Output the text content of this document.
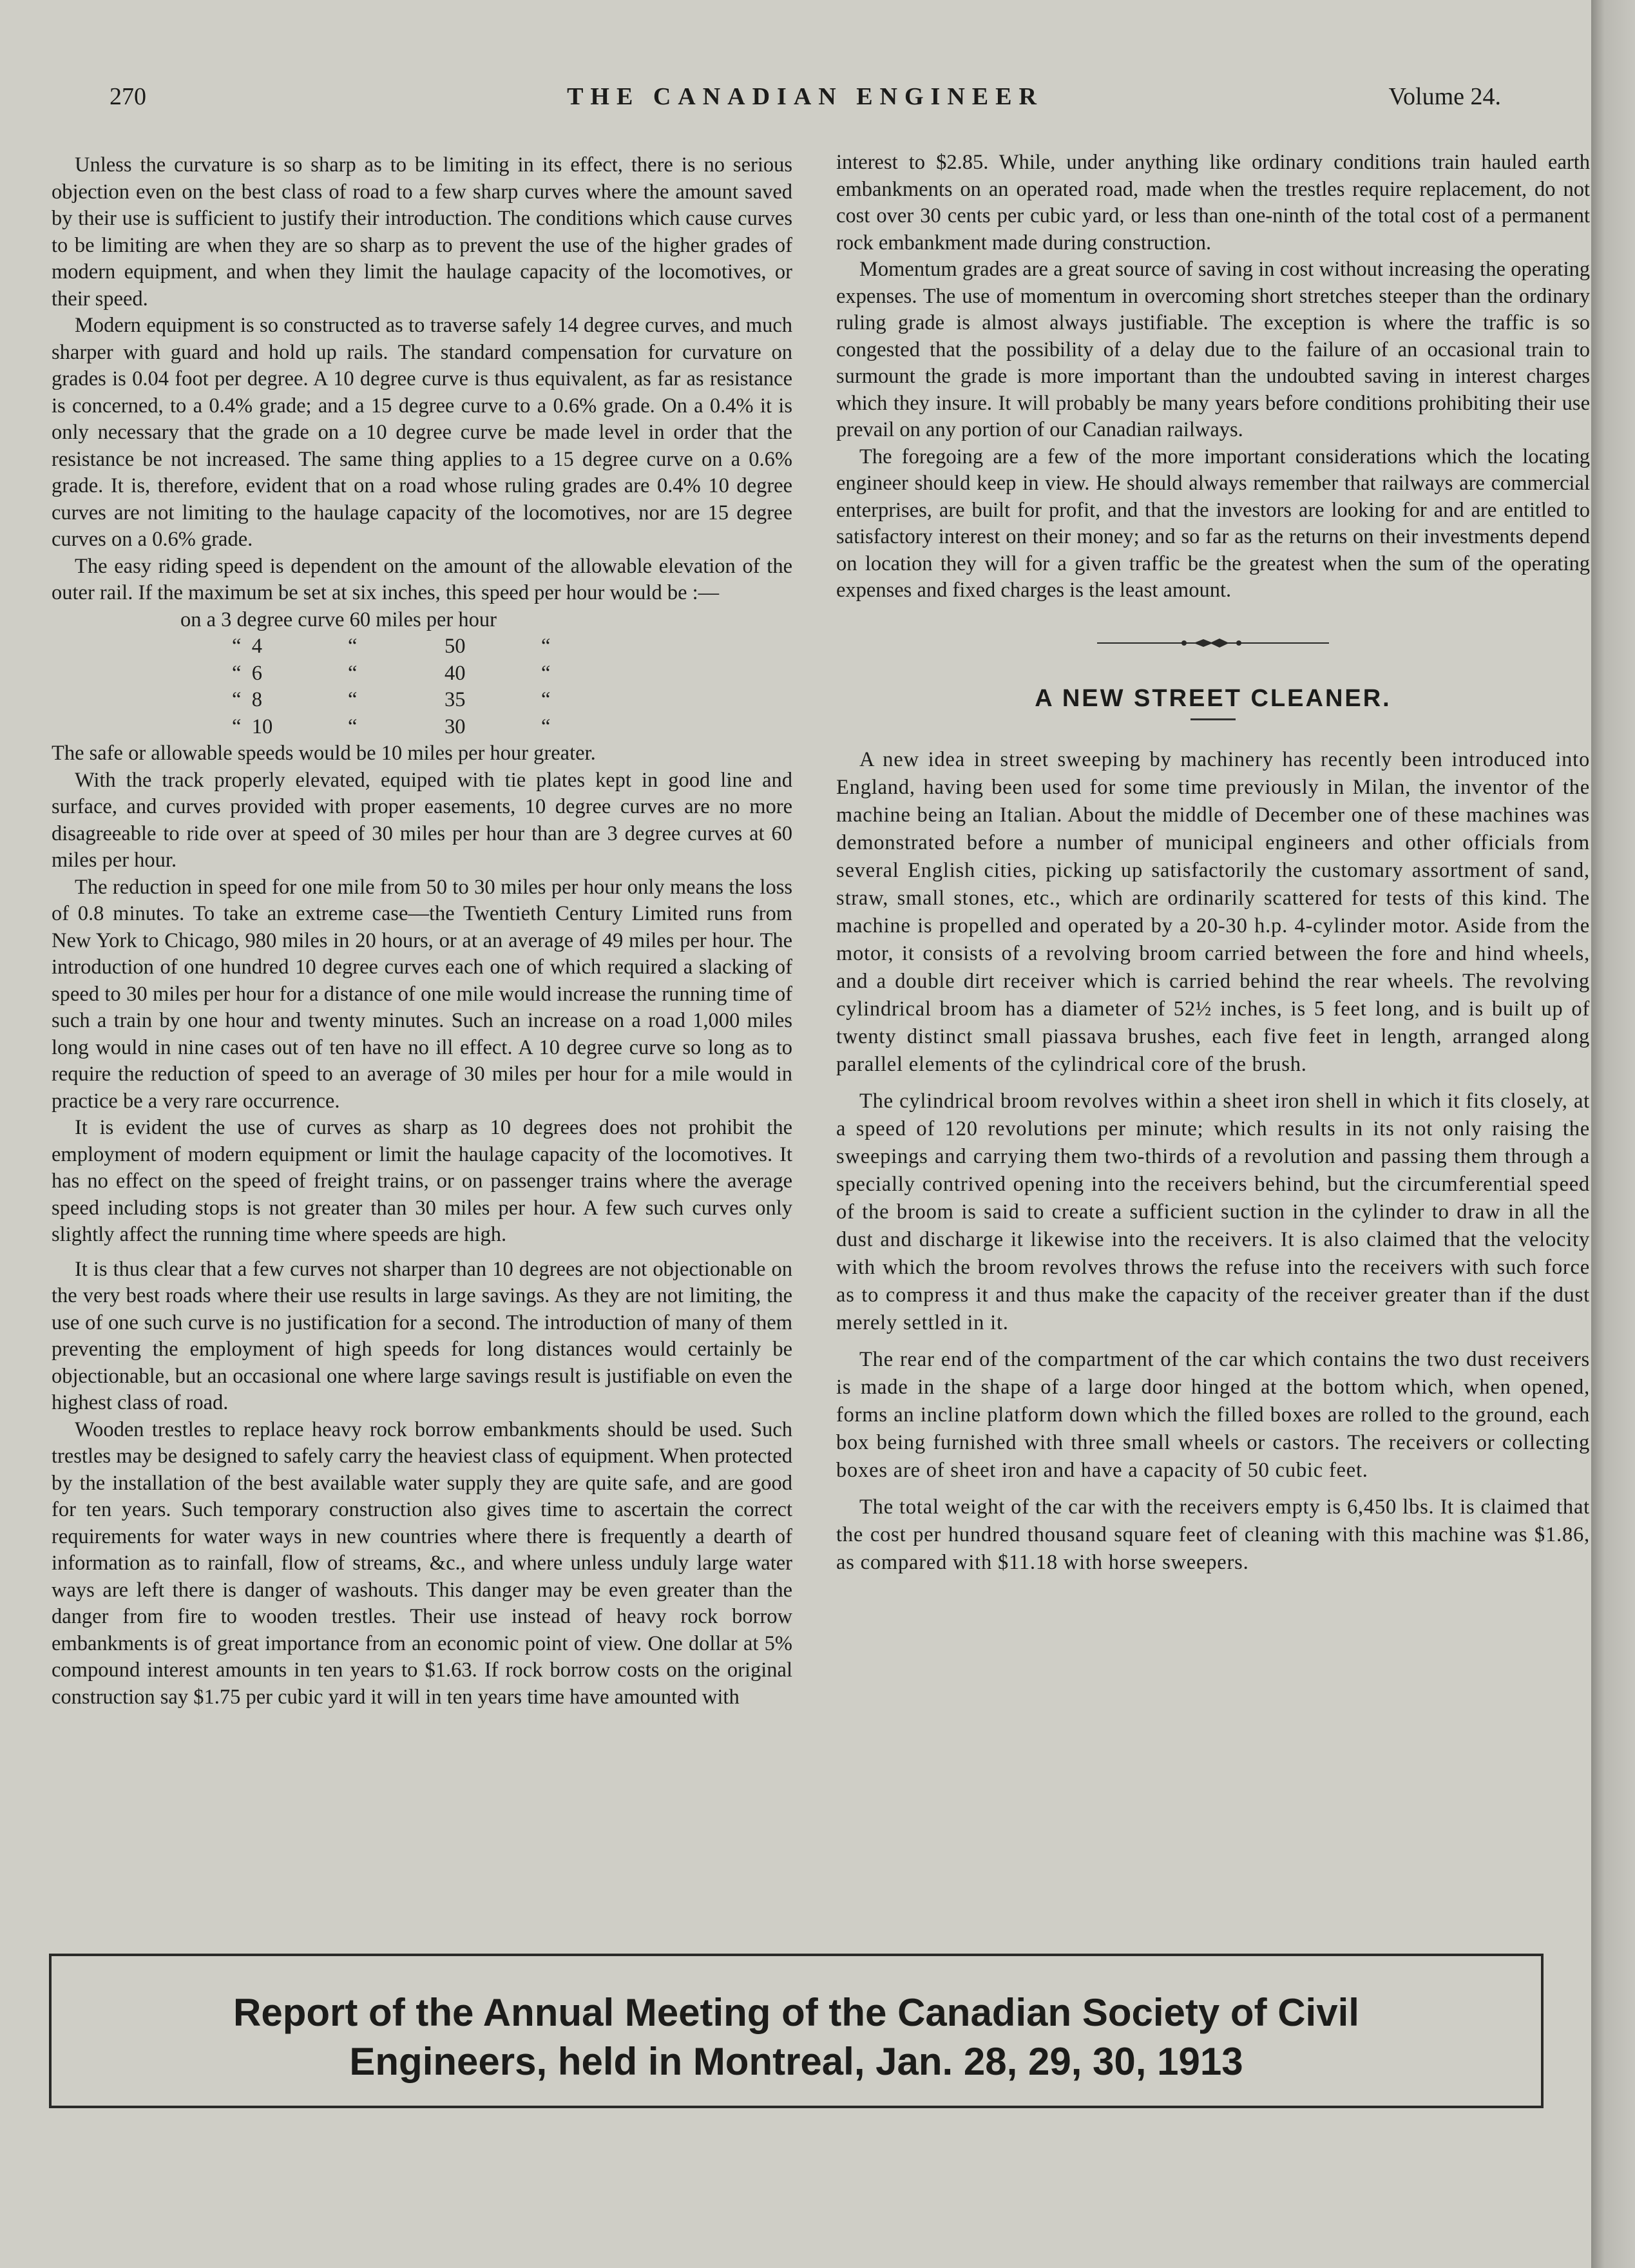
270	THE CANADIAN ENGINEER	Volume 24.

Unless the curvature is so sharp as to be limiting in its effect, there is no serious objection even on the best class of road to a few sharp curves where the amount saved by their use is sufficient to justify their introduction. The conditions which cause curves to be limiting are when they are so sharp as to prevent the use of the higher grades of modern equipment, and when they limit the haulage capacity of the locomotives, or their speed.

Modern equipment is so constructed as to traverse safely 14 degree curves, and much sharper with guard and hold up rails. The standard compensation for curvature on grades is 0.04 foot per degree. A 10 degree curve is thus equivalent, as far as resistance is concerned, to a 0.4% grade; and a 15 degree curve to a 0.6% grade. On a 0.4% it is only necessary that the grade on a 10 degree curve be made level in order that the resistance be not increased. The same thing applies to a 15 degree curve on a 0.6% grade. It is, therefore, evident that on a road whose ruling grades are 0.4% 10 degree curves are not limiting to the haulage capacity of the locomotives, nor are 15 degree curves on a 0.6% grade.

The easy riding speed is dependent on the amount of the allowable elevation of the outer rail. If the maximum be set at six inches, this speed per hour would be :—

on a 3 degree curve 60 miles per hour
“ 4	“	50	“
“ 6	“	40	“
“ 8	“	35	“
“ 10	“	30	“

The safe or allowable speeds would be 10 miles per hour greater.

With the track properly elevated, equiped with tie plates kept in good line and surface, and curves provided with proper easements, 10 degree curves are no more disagreeable to ride over at speed of 30 miles per hour than are 3 degree curves at 60 miles per hour.

The reduction in speed for one mile from 50 to 30 miles per hour only means the loss of 0.8 minutes. To take an extreme case—the Twentieth Century Limited runs from New York to Chicago, 980 miles in 20 hours, or at an average of 49 miles per hour. The introduction of one hundred 10 degree curves each one of which required a slacking of speed to 30 miles per hour for a distance of one mile would increase the running time of such a train by one hour and twenty minutes. Such an increase on a road 1,000 miles long would in nine cases out of ten have no ill effect. A 10 degree curve so long as to require the reduction of speed to an average of 30 miles per hour for a mile would in practice be a very rare occurrence.

It is evident the use of curves as sharp as 10 degrees does not prohibit the employment of modern equipment or limit the haulage capacity of the locomotives. It has no effect on the speed of freight trains, or on passenger trains where the average speed including stops is not greater than 30 miles per hour. A few such curves only slightly affect the running time where speeds are high.

It is thus clear that a few curves not sharper than 10 degrees are not objectionable on the very best roads where their use results in large savings. As they are not limiting, the use of one such curve is no justification for a second. The introduction of many of them preventing the employment of high speeds for long distances would certainly be objectionable, but an occasional one where large savings result is justifiable on even the highest class of road.

Wooden trestles to replace heavy rock borrow embankments should be used. Such trestles may be designed to safely carry the heaviest class of equipment. When protected by the installation of the best available water supply they are quite safe, and are good for ten years. Such temporary construction also gives time to ascertain the correct requirements for water ways in new countries where there is frequently a dearth of information as to rainfall, flow of streams, &c., and where unless unduly large water ways are left there is danger of washouts. This danger may be even greater than the danger from fire to wooden trestles. Their use instead of heavy rock borrow embankments is of great importance from an economic point of view. One dollar at 5% compound interest amounts in ten years to $1.63. If rock borrow costs on the original construction say $1.75 per cubic yard it will in ten years time have amounted with

interest to $2.85. While, under anything like ordinary conditions train hauled earth embankments on an operated road, made when the trestles require replacement, do not cost over 30 cents per cubic yard, or less than one-ninth of the total cost of a permanent rock embankment made during construction.

Momentum grades are a great source of saving in cost without increasing the operating expenses. The use of momentum in overcoming short stretches steeper than the ordinary ruling grade is almost always justifiable. The exception is where the traffic is so congested that the possibility of a delay due to the failure of an occasional train to surmount the grade is more important than the undoubted saving in interest charges which they insure. It will probably be many years before conditions prohibiting their use prevail on any portion of our Canadian railways.

The foregoing are a few of the more important considerations which the locating engineer should keep in view. He should always remember that railways are commercial enterprises, are built for profit, and that the investors are looking for and are entitled to satisfactory interest on their money; and so far as the returns on their investments depend on location they will for a given traffic be the greatest when the sum of the operating expenses and fixed charges is the least amount.

A NEW STREET CLEANER.

A new idea in street sweeping by machinery has recently been introduced into England, having been used for some time previously in Milan, the inventor of the machine being an Italian. About the middle of December one of these machines was demonstrated before a number of municipal engineers and other officials from several English cities, picking up satisfactorily the customary assortment of sand, straw, small stones, etc., which are ordinarily scattered for tests of this kind. The machine is propelled and operated by a 20-30 h.p. 4-cylinder motor. Aside from the motor, it consists of a revolving broom carried between the fore and hind wheels, and a double dirt receiver which is carried behind the rear wheels. The revolving cylindrical broom has a diameter of 52½ inches, is 5 feet long, and is built up of twenty distinct small piassava brushes, each five feet in length, arranged along parallel elements of the cylindrical core of the brush.

The cylindrical broom revolves within a sheet iron shell in which it fits closely, at a speed of 120 revolutions per minute; which results in its not only raising the sweepings and carrying them two-thirds of a revolution and passing them through a specially contrived opening into the receivers behind, but the circumferential speed of the broom is said to create a sufficient suction in the cylinder to draw in all the dust and discharge it likewise into the receivers. It is also claimed that the velocity with which the broom revolves throws the refuse into the receivers with such force as to compress it and thus make the capacity of the receiver greater than if the dust merely settled in it.

The rear end of the compartment of the car which contains the two dust receivers is made in the shape of a large door hinged at the bottom which, when opened, forms an incline platform down which the filled boxes are rolled to the ground, each box being furnished with three small wheels or castors. The receivers or collecting boxes are of sheet iron and have a capacity of 50 cubic feet.

The total weight of the car with the receivers empty is 6,450 lbs. It is claimed that the cost per hundred thousand square feet of cleaning with this machine was $1.86, as compared with $11.18 with horse sweepers.

Report of the Annual Meeting of the Canadian Society of Civil
Engineers, held in Montreal, Jan. 28, 29, 30, 1913
